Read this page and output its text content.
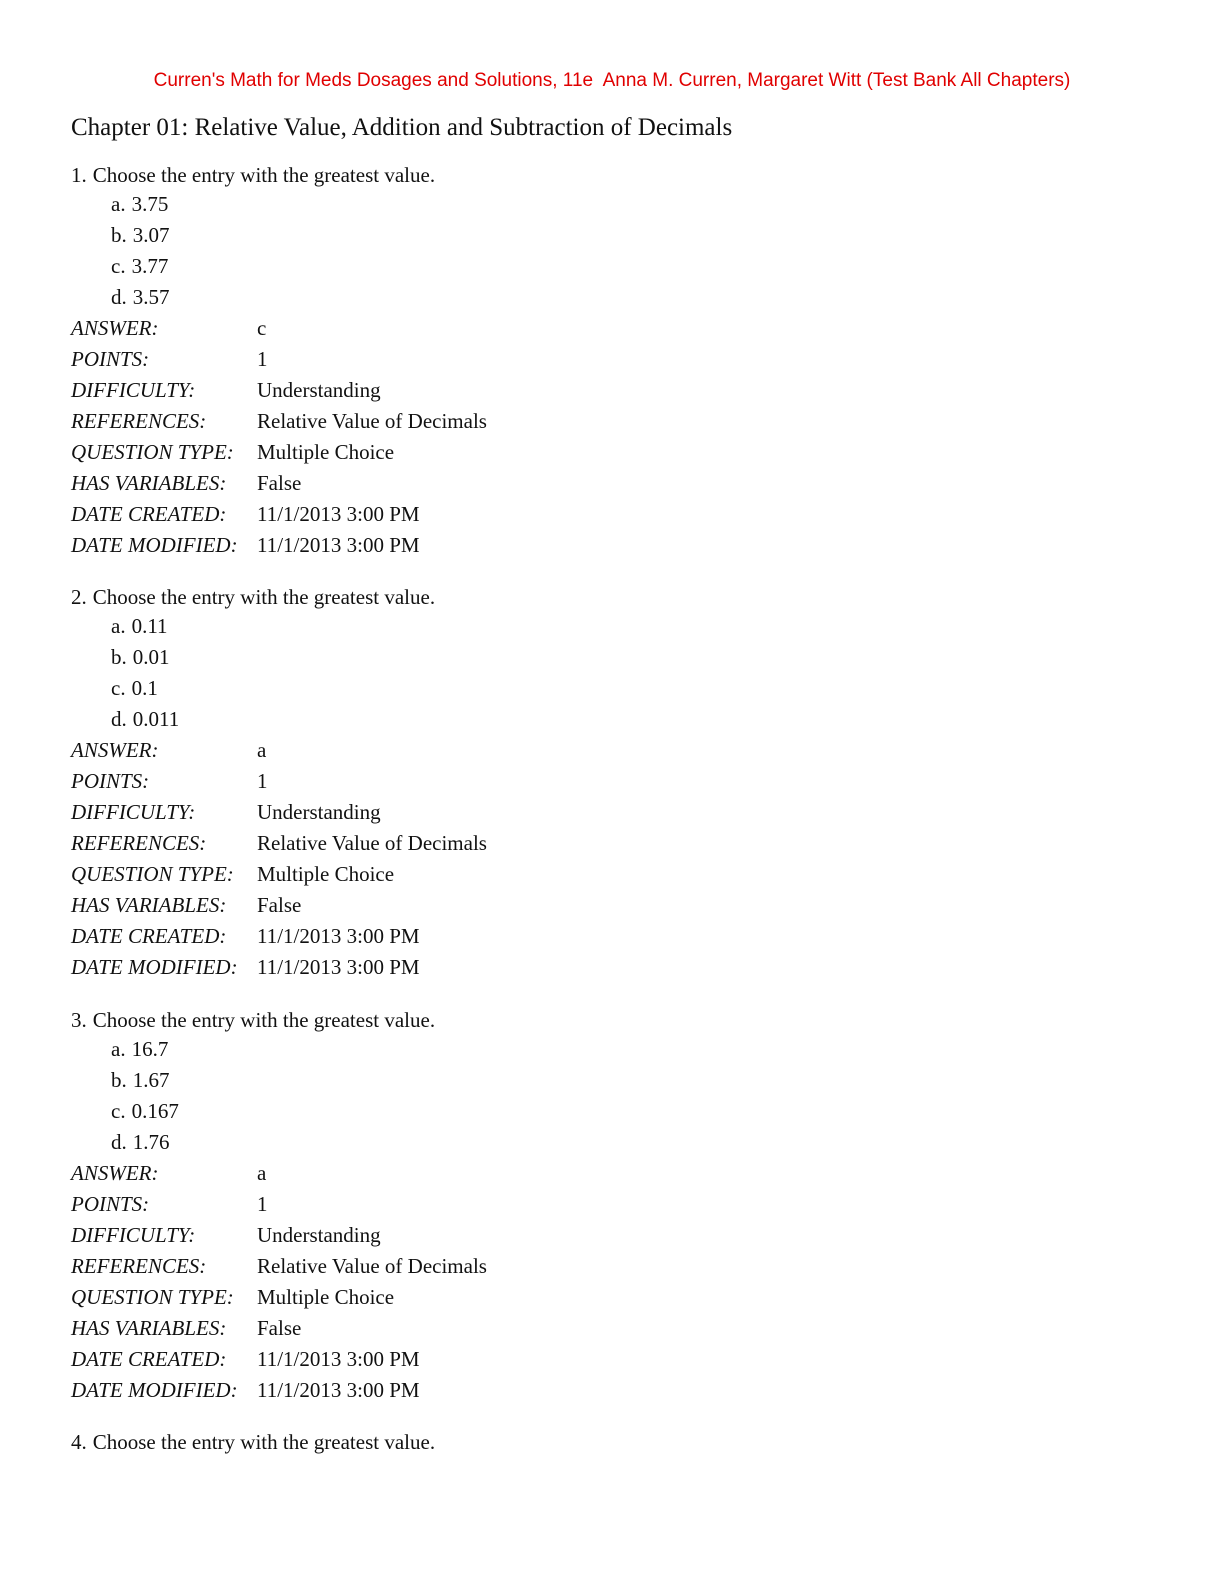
Curren's Math for Meds Dosages and Solutions, 11e  Anna M. Curren, Margaret Witt (Test Bank All Chapters)
Chapter 01: Relative Value, Addition and Subtraction of Decimals
1. Choose the entry with the greatest value.
a. 3.75
b. 3.07
c. 3.77
d. 3.57
ANSWER:	c
POINTS:	1
DIFFICULTY:	Understanding
REFERENCES:	Relative Value of Decimals
QUESTION TYPE:	Multiple Choice
HAS VARIABLES:	False
DATE CREATED:	11/1/2013 3:00 PM
DATE MODIFIED: 11/1/2013 3:00 PM
2. Choose the entry with the greatest value.
a. 0.11
b. 0.01
c. 0.1
d. 0.011
ANSWER:	a
POINTS:	1
DIFFICULTY:	Understanding
REFERENCES:	Relative Value of Decimals
QUESTION TYPE:	Multiple Choice
HAS VARIABLES:	False
DATE CREATED:	11/1/2013 3:00 PM
DATE MODIFIED: 11/1/2013 3:00 PM
3. Choose the entry with the greatest value.
a. 16.7
b. 1.67
c. 0.167
d. 1.76
ANSWER:	a
POINTS:	1
DIFFICULTY:	Understanding
REFERENCES:	Relative Value of Decimals
QUESTION TYPE:	Multiple Choice
HAS VARIABLES:	False
DATE CREATED:	11/1/2013 3:00 PM
DATE MODIFIED: 11/1/2013 3:00 PM
4. Choose the entry with the greatest value.
